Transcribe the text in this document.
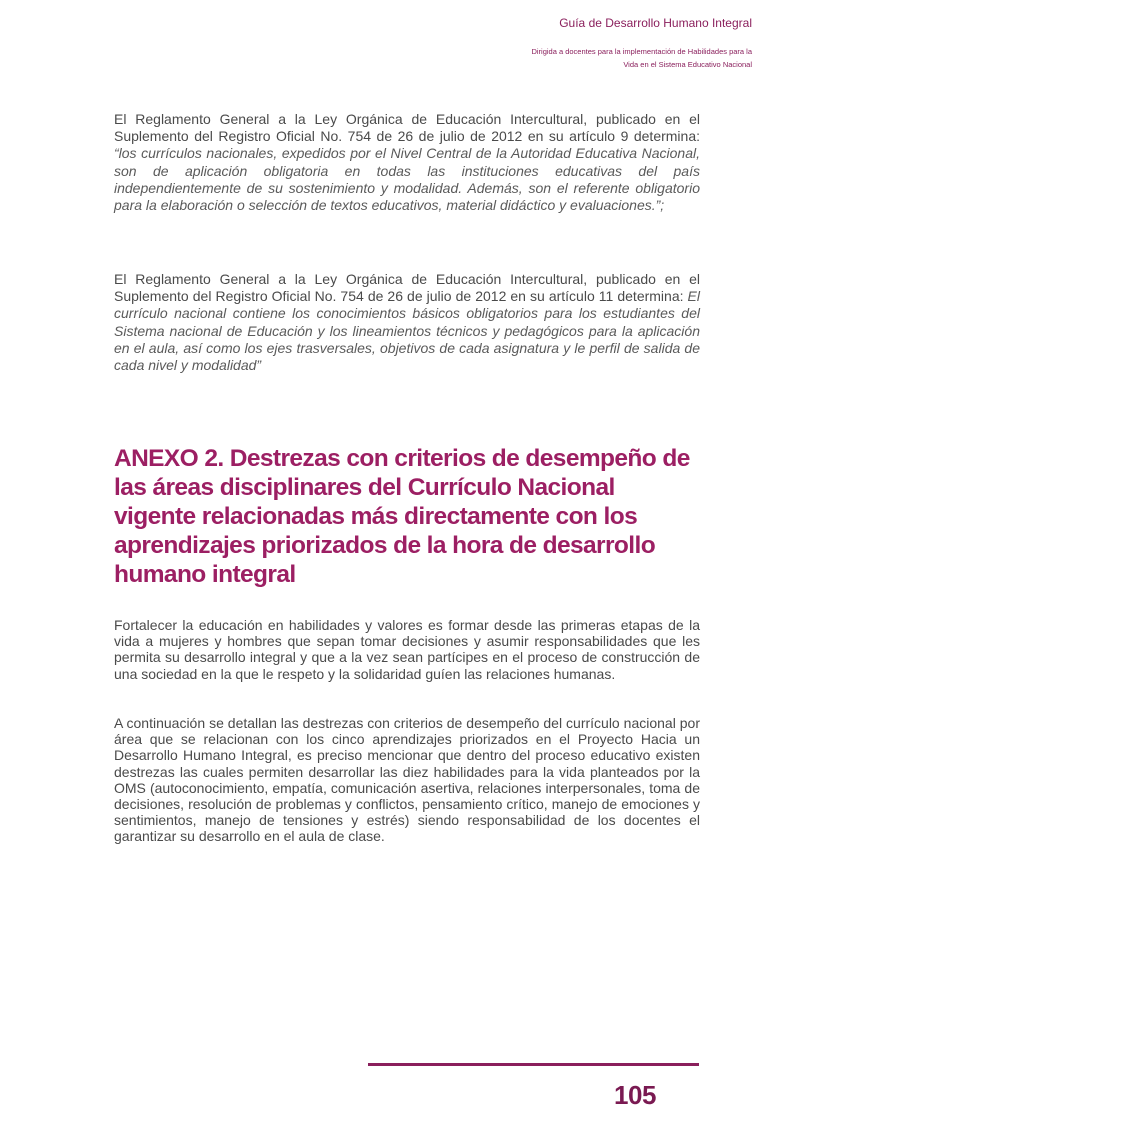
Guía de Desarrollo Humano Integral
Dirigida a docentes para la implementación de Habilidades para la
Vida en el Sistema Educativo Nacional

El Reglamento General a la Ley Orgánica de Educación Intercultural, publicado en el Suplemento del Registro Oficial No. 754 de 26 de julio de 2012 en su artículo 9 determina: “los currículos nacionales, expedidos por el Nivel Central de la Autoridad Educativa Nacional, son de aplicación obligatoria en todas las instituciones educativas del país independientemente de su sostenimiento y modalidad. Además, son el referente obligatorio para la elaboración o selección de textos educativos, material didáctico y evaluaciones.”;

El Reglamento General a la Ley Orgánica de Educación Intercultural, publicado en el Suplemento del Registro Oficial No. 754 de 26 de julio de 2012 en su artículo 11 determina: El currículo nacional contiene los conocimientos básicos obligatorios para los estudiantes del Sistema nacional de Educación y los lineamientos técnicos y pedagógicos para la aplicación en el aula, así como los ejes trasversales, objetivos de cada asignatura y le perfil de salida de cada nivel y modalidad”

ANEXO 2. Destrezas con criterios de desempeño de las áreas disciplinares del Currículo Nacional vigente relacionadas más directamente con los aprendizajes priorizados de la hora de desarrollo humano integral

Fortalecer la educación en habilidades y valores es formar desde las primeras etapas de la vida a mujeres y hombres que sepan tomar decisiones y asumir responsabilidades que les permita su desarrollo integral y que a la vez sean partícipes en el proceso de construcción de una sociedad en la que le respeto y la solidaridad guíen las relaciones humanas.

A continuación se detallan las destrezas con criterios de desempeño del currículo nacional por área que se relacionan con los cinco aprendizajes priorizados en el Proyecto Hacia un Desarrollo Humano Integral, es preciso mencionar que dentro del proceso educativo existen destrezas las cuales permiten desarrollar las diez habilidades para la vida planteados por la OMS (autoconocimiento, empatía, comunicación asertiva, relaciones interpersonales, toma de decisiones, resolución de problemas y conflictos, pensamiento crítico, manejo de emociones y sentimientos, manejo de tensiones y estrés) siendo responsabilidad de los docentes el garantizar su desarrollo en el aula de clase.

105
